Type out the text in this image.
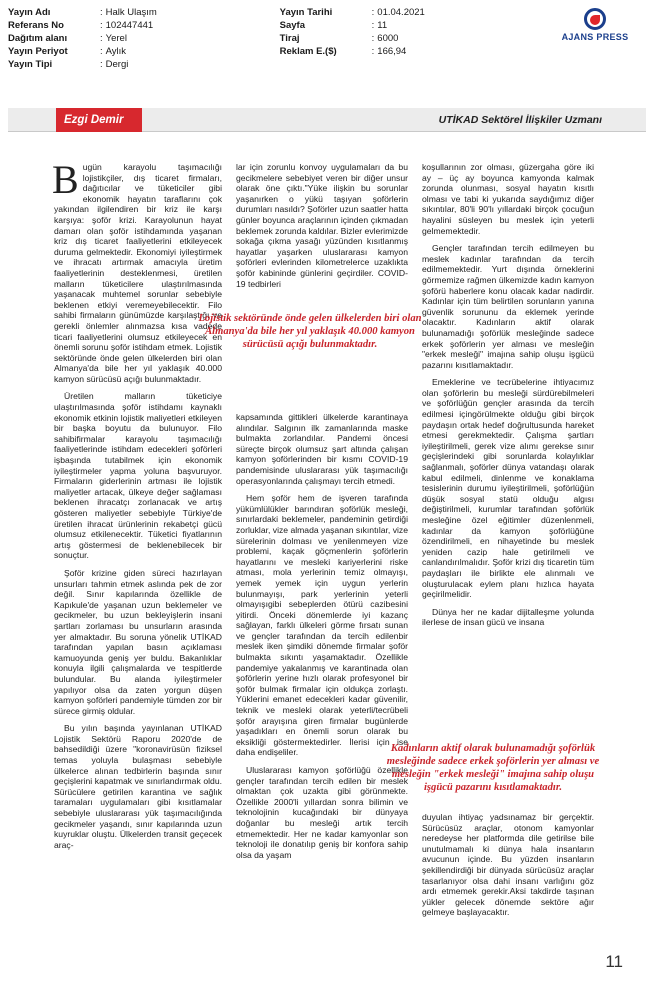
Yayın Adı	: Halk Ulaşım	Yayın Tarihi	: 01.04.2021
Referans No	: 102447441	Sayfa	: 11
Dağıtım alanı	: Yerel	Tiraj	: 6000
Yayın Periyot	: Aylık	Reklam E.($)	: 166,94
Yayın Tipi	: Dergi
AJANS PRESS
Ezgi Demir	UTİKAD Sektörel İlişkiler Uzmanı

Bugün karayolu taşımacılığı lojistikçiler, dış ticaret firmaları, dağıtıcılar ve tüketiciler gibi ekonomik hayatın taraflarını çok yakından ilgilendiren bir kriz ile karşı karşıya: şoför krizi. Karayolunun hayat damarı olan şoför istihdamında yaşanan kriz dış ticaret faaliyetlerini etkileyecek duruma gelmektedir. Ekonomiyi iyileştirmek ve ihracatı artırmak amacıyla üretim faaliyetlerinin desteklenmesi, üretilen malların tüketicilere ulaştırılmasında yaşanacak muhtemel sorunlar sebebiyle beklenen etkiyi veremeyebilecektir. Filo sahibi firmaların günümüzde karşılaştığı ve gerekli önlemler alınmazsa kısa vadede ticari faaliyetlerini olumsuz etkileyecek en önemli sorunu şoför istihdam etmek. Lojistik sektöründe önde gelen ülkelerden biri olan Almanya'da bile her yıl yaklaşık 40.000 kamyon sürücüsü açığı bulunmaktadır.

Üretilen malların tüketiciye ulaştırılmasında şoför istihdamı kaynaklı ekonomik etkinin lojistik maliyetleri etkileyen bir başka boyutu da bulunuyor. Filo sahibifirmalar karayolu taşımacılığı faaliyetlerinde istihdam edecekleri şoförleri işbaşında tutabilmek için ekonomik iyileştirmeler yapma yoluna başvuruyor. Firmaların giderlerinin artması ile lojistik maliyetler artacak, ülkeye değer sağlaması beklenen ihracatçı zorlanacak ve artış gösteren maliyetler sebebiyle Türkiye'de üretilen ihracat ürünlerinin rekabetçi gücü olumsuz etkilenecektir. Tüketici fiyatlarının artış göstermesi de beklenebilecek bir sonuçtur.

Şoför krizine giden süreci hazırlayan unsurları tahmin etmek aslında pek de zor değil. Sınır kapılarında özellikle de Kapıkule'de yaşanan uzun beklemeler ve gecikmeler, bu uzun bekleyişlerin insani şartları zorlaması bu unsurların arasında yer almaktadır. Bu soruna yönelik UTİKAD tarafından yapılan basın açıklaması kamuoyunda geniş yer buldu. Bakanlıklar konuyla ilgili çalışmalarda ve tespitlerde bulundular. Bu alanda iyileştirmeler yapılıyor olsa da zaten yorgun düşen kamyon şoförleri pandemiyle tümden zor bir sürece girmiş oldular.

Bu yılın başında yayınlanan UTİKAD Lojistik Sektörü Raporu 2020'de de bahsedildiği üzere "koronavirüsün fiziksel temas yoluyla bulaşması sebebiyle ülkelerce alınan tedbirlerin başında sınır geçişlerini kapatmak ve sınırlandırmak oldu. Sürücülere getirilen karantina ve sağlık taramaları uygulamaları gibi kısıtlamalar sebebiyle uluslararası yük taşımacılığında gecikmeler yaşandı, sınır kapılarında uzun kuyruklar oluştu. Ülkelerden transit geçecek araç-

lar için zorunlu konvoy uygulamaları da bu gecikmelere sebebiyet veren bir diğer unsur olarak öne çıktı."Yüke ilişkin bu sorunlar yaşanırken o yükü taşıyan şoförlerin durumları nasıldı? Şoförler uzun saatler hatta günler boyunca araçlarının içinden çıkmadan beklemek zorunda kaldılar. Bizler evlerimizde sokağa çıkma yasağı yüzünden kısıtlanmış hayatlar yaşarken uluslararası kamyon şoförleri evlerinden kilometrelerce uzaklıkta şoför kabininde günlerini geçirdiler. COVID-19 tedbirleri

Lojistik sektöründe önde gelen ülkelerden biri olan Almanya'da bile her yıl yaklaşık 40.000 kamyon sürücüsü açığı bulunmaktadır.

kapsamında gittikleri ülkelerde karantinaya alındılar. Salgının ilk zamanlarında maske bulmakta zorlandılar. Pandemi öncesi süreçte birçok olumsuz şart altında çalışan kamyon şoförlerinden bir kısmı COVID-19 pandemisinde uluslararası yük taşımacılığı operasyonlarında çalışmayı tercih etmedi.

Hem şoför hem de işveren tarafında yükümlülükler barındıran şoförlük mesleği, sınırlardaki beklemeler, pandeminin getirdiği zorluklar, vize almada yaşanan sıkıntılar, vize sürelerinin dolması ve yenilenmeyen vize problemi, kaçak göçmenlerin şoförlerin hayatlarını ve mesleki kariyerlerini riske atması, mola yerlerinin temiz olmayışı, yemek yemek için uygun yerlerin bulunmayışı, park yerlerinin yeterli olmayışıgibi sebeplerden ötürü cazibesini yitirdi. Önceki dönemlerde iyi kazanç sağlayan, farklı ülkeleri görme fırsatı sunan ve gençler tarafından da tercih edilenbir meslek iken şimdiki dönemde firmalar şoför bulmakta sıkıntı yaşamaktadır. Özellikle pandemiye yakalanmış ve karantinada olan şoförlerin yerine hızlı olarak profesyonel bir şoför bulmak firmalar için oldukça zorlaştı. Yüklerini emanet edecekleri kadar güvenilir, teknik ve mesleki olarak yeterli/tecrübeli şoför arayışına giren firmalar bugünlerde yaşadıkları en önemli sorun olarak bu eksikliği göstermektedirler. İlerisi için ise daha endişeliler.

Uluslararası kamyon şoförlüğü özellikle gençler tarafından tercih edilen bir meslek olmaktan çok uzakta gibi görünmekte. Özellikle 2000'li yıllardan sonra bilimin ve teknolojinin kucağındaki bir dünyaya doğanlar bu mesleği artık tercih etmemektedir. Her ne kadar kamyonlar son teknoloji ile donatılıp geniş bir konfora sahip olsa da yaşam

koşullarının zor olması, güzergaha göre iki ay – üç ay boyunca kamyonda kalmak zorunda olunması, sosyal hayatın kısıtlı olması ve tabi ki yukarıda saydığımız diğer sıkıntılar, 80'li 90'lı yıllardaki birçok çocuğun hayalini süsleyen bu meslek için yeterli gelmemektedir.

Gençler tarafından tercih edilmeyen bu meslek kadınlar tarafından da tercih edilmemektedir. Yurt dışında örneklerini görmemize rağmen ülkemizde kadın kamyon şoförü haberlere konu olacak kadar nadirdir. Kadınlar için tüm belirtilen sorunların yanına güvenlik sorununu da eklemek yerinde olacaktır. Kadınların aktif olarak bulunamadığı şoförlük mesleğinde sadece erkek şoförlerin yer alması ve mesleğin "erkek mesleği" imajına sahip oluşu işgücü pazarını kısıtlamaktadır.

Emeklerine ve tecrübelerine ihtiyacımız olan şoförlerin bu mesleği sürdürebilmeleri ve şoförlüğün gençler arasında da tercih edilmesi içingörülmekte olduğu gibi birçok paydaşın ortak hedef doğrultusunda hareket etmesi gerekmektedir. Çalışma şartları iyileştirilmeli, gerek vize alımı gereksе sınır geçişlerindeki gibi sorunlarda kolaylıklar sağlanmalı, şoförler dünya vatandaşı olarak kabul edilmeli, dinlenme ve konaklama tesislerinin durumu iyileştirilmeli, şoförlüğün düşük sosyal statü olduğu algısı değiştirilmeli, kurumlar tarafından şoförlük mesleğine özel eğitimler düzenlenmeli, kadınlar da kamyon şoförlüğüne özendirilmeli, en nihayetinde bu meslek yeniden cazip hale getirilmeli ve canlandırılmalıdır. Şoför krizi dış ticaretin tüm paydaşları ile birlikte ele alınmalı ve oluşturulacak eylem planı hızlıca hayata geçirilmelidir.

Dünya her ne kadar dijitalleşme yolunda ilerlese de insan gücü ve insana

Kadınların aktif olarak bulunamadığı şoförlük mesleğinde sadece erkek şoförlerin yer alması ve mesleğin "erkek mesleği" imajına sahip oluşu işgücü pazarını kısıtlamaktadır.

duyulan ihtiyaç yadsınamaz bir gerçektir. Sürücüsüz araçlar, otonom kamyonlar neredeyse her platformda dile getirilse bile unutulmamalı ki dünya hala insanların avucunun içinde. Bu yüzden insanların şekillendirdiği bir dünyada sürücüsüz araçlar tasarlanıyor olsa dahi insanı varlığını göz ardı etmemek gerekir.Aksi takdirde taşınan yükler gelecek dönemde sektöre ağır gelmeye başlayacaktır.

11
